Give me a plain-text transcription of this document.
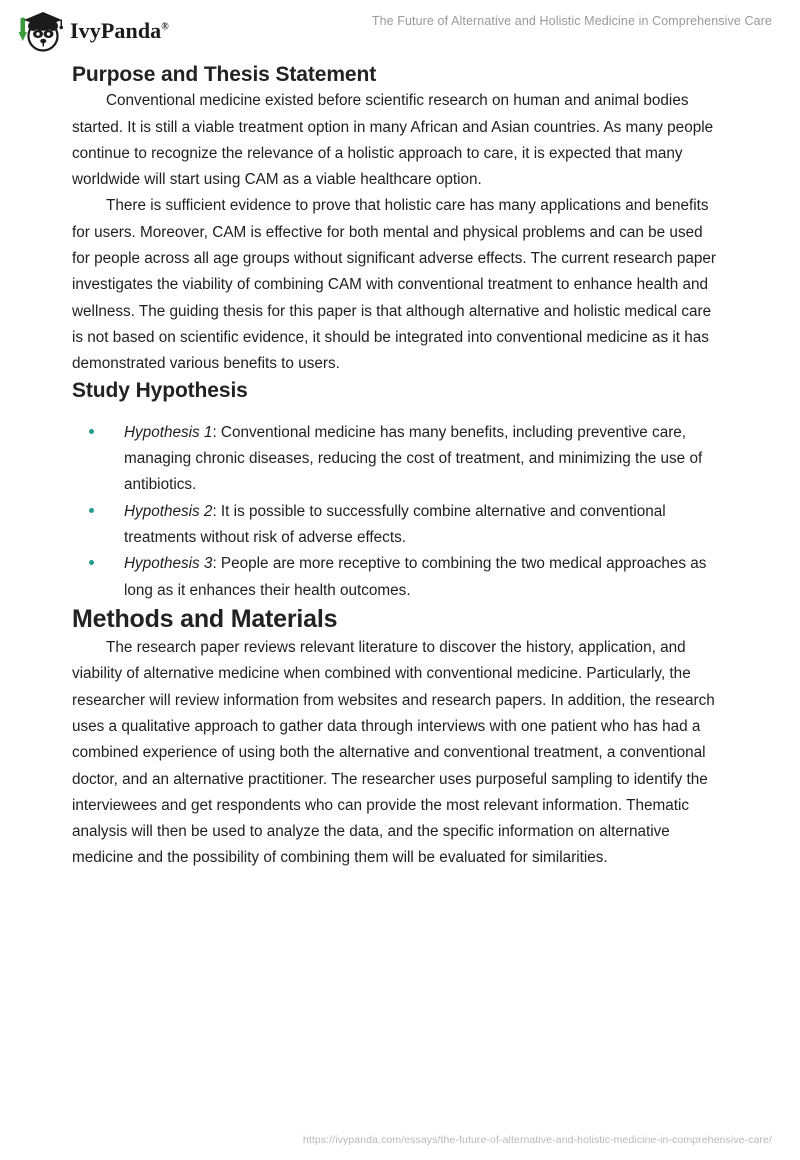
IvyPanda®	The Future of Alternative and Holistic Medicine in Comprehensive Care
Purpose and Thesis Statement

Conventional medicine existed before scientific research on human and animal bodies started. It is still a viable treatment option in many African and Asian countries. As many people continue to recognize the relevance of a holistic approach to care, it is expected that many worldwide will start using CAM as a viable healthcare option.

There is sufficient evidence to prove that holistic care has many applications and benefits for users. Moreover, CAM is effective for both mental and physical problems and can be used for people across all age groups without significant adverse effects. The current research paper investigates the viability of combining CAM with conventional treatment to enhance health and wellness. The guiding thesis for this paper is that although alternative and holistic medical care is not based on scientific evidence, it should be integrated into conventional medicine as it has demonstrated various benefits to users.

Study Hypothesis
Hypothesis 1: Conventional medicine has many benefits, including preventive care, managing chronic diseases, reducing the cost of treatment, and minimizing the use of antibiotics.
Hypothesis 2: It is possible to successfully combine alternative and conventional treatments without risk of adverse effects.
Hypothesis 3: People are more receptive to combining the two medical approaches as long as it enhances their health outcomes.
Methods and Materials

The research paper reviews relevant literature to discover the history, application, and viability of alternative medicine when combined with conventional medicine. Particularly, the researcher will review information from websites and research papers. In addition, the research uses a qualitative approach to gather data through interviews with one patient who has had a combined experience of using both the alternative and conventional treatment, a conventional doctor, and an alternative practitioner. The researcher uses purposeful sampling to identify the interviewees and get respondents who can provide the most relevant information. Thematic analysis will then be used to analyze the data, and the specific information on alternative medicine and the possibility of combining them will be evaluated for similarities.

https://ivypanda.com/essays/the-future-of-alternative-and-holistic-medicine-in-comprehensive-care/
